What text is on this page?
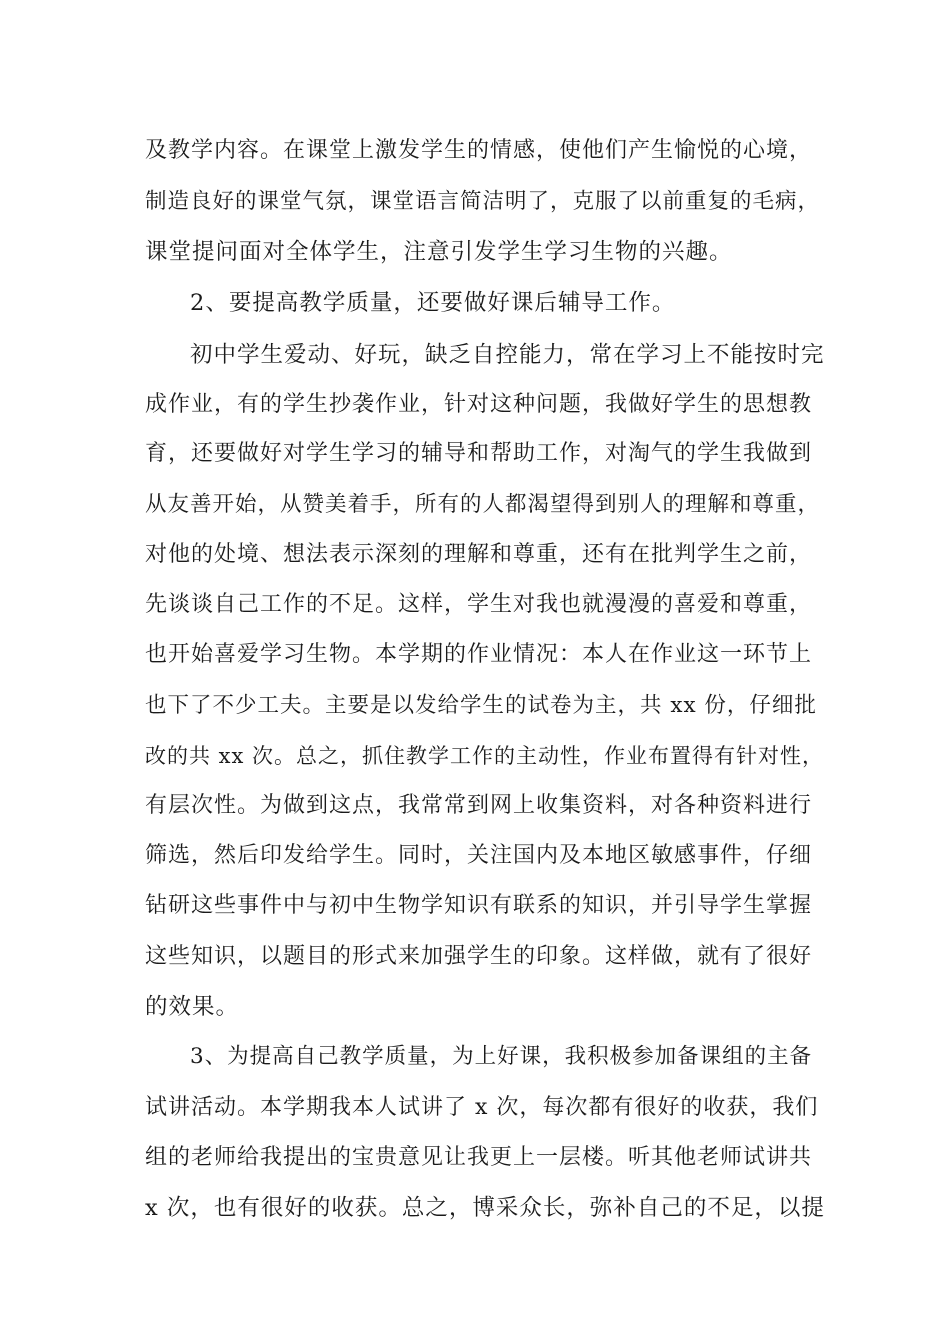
及教学内容。在课堂上激发学生的情感，使他们产生愉悦的心境，
制造良好的课堂气氛，课堂语言简洁明了，克服了以前重复的毛病，
课堂提问面对全体学生，注意引发学生学习生物的兴趣。
2、要提高教学质量，还要做好课后辅导工作。
初中学生爱动、好玩，缺乏自控能力，常在学习上不能按时完
成作业，有的学生抄袭作业，针对这种问题，我做好学生的思想教
育，还要做好对学生学习的辅导和帮助工作，对淘气的学生我做到
从友善开始，从赞美着手，所有的人都渴望得到别人的理解和尊重，
对他的处境、想法表示深刻的理解和尊重，还有在批判学生之前，
先谈谈自己工作的不足。这样，学生对我也就漫漫的喜爱和尊重，
也开始喜爱学习生物。本学期的作业情况：本人在作业这一环节上
也下了不少工夫。主要是以发给学生的试卷为主，共 xx 份，仔细批
改的共 xx 次。总之，抓住教学工作的主动性，作业布置得有针对性，
有层次性。为做到这点，我常常到网上收集资料，对各种资料进行
筛选，然后印发给学生。同时，关注国内及本地区敏感事件，仔细
钻研这些事件中与初中生物学知识有联系的知识，并引导学生掌握
这些知识，以题目的形式来加强学生的印象。这样做，就有了很好
的效果。
3、为提高自己教学质量，为上好课，我积极参加备课组的主备
试讲活动。本学期我本人试讲了 x 次，每次都有很好的收获，我们
组的老师给我提出的宝贵意见让我更上一层楼。听其他老师试讲共
x 次，也有很好的收获。总之，博采众长，弥补自己的不足，以提
